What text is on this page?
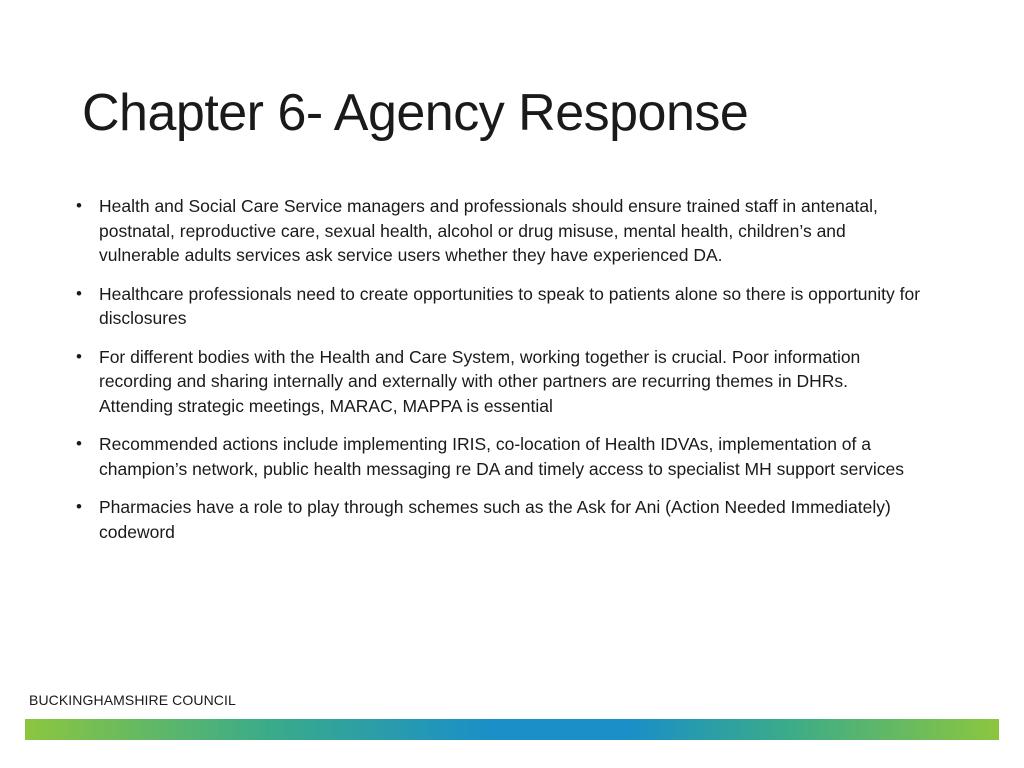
Chapter 6- Agency Response
• Health and Social Care Service managers and professionals should ensure trained staff in antenatal, postnatal, reproductive care, sexual health, alcohol or drug misuse, mental health, children’s and vulnerable adults services ask service users whether they have experienced DA.
• Healthcare professionals need to create opportunities to speak to patients alone so there is opportunity for disclosures
• For different bodies with the Health and Care System, working together is crucial. Poor information recording and sharing internally and externally with other partners are recurring themes in DHRs. Attending strategic meetings, MARAC, MAPPA is essential
• Recommended actions include implementing IRIS, co-location of Health IDVAs, implementation of a champion’s network, public health messaging re DA and timely access to specialist MH support services
• Pharmacies have a role to play through schemes such as the Ask for Ani (Action Needed Immediately) codeword
BUCKINGHAMSHIRE COUNCIL
